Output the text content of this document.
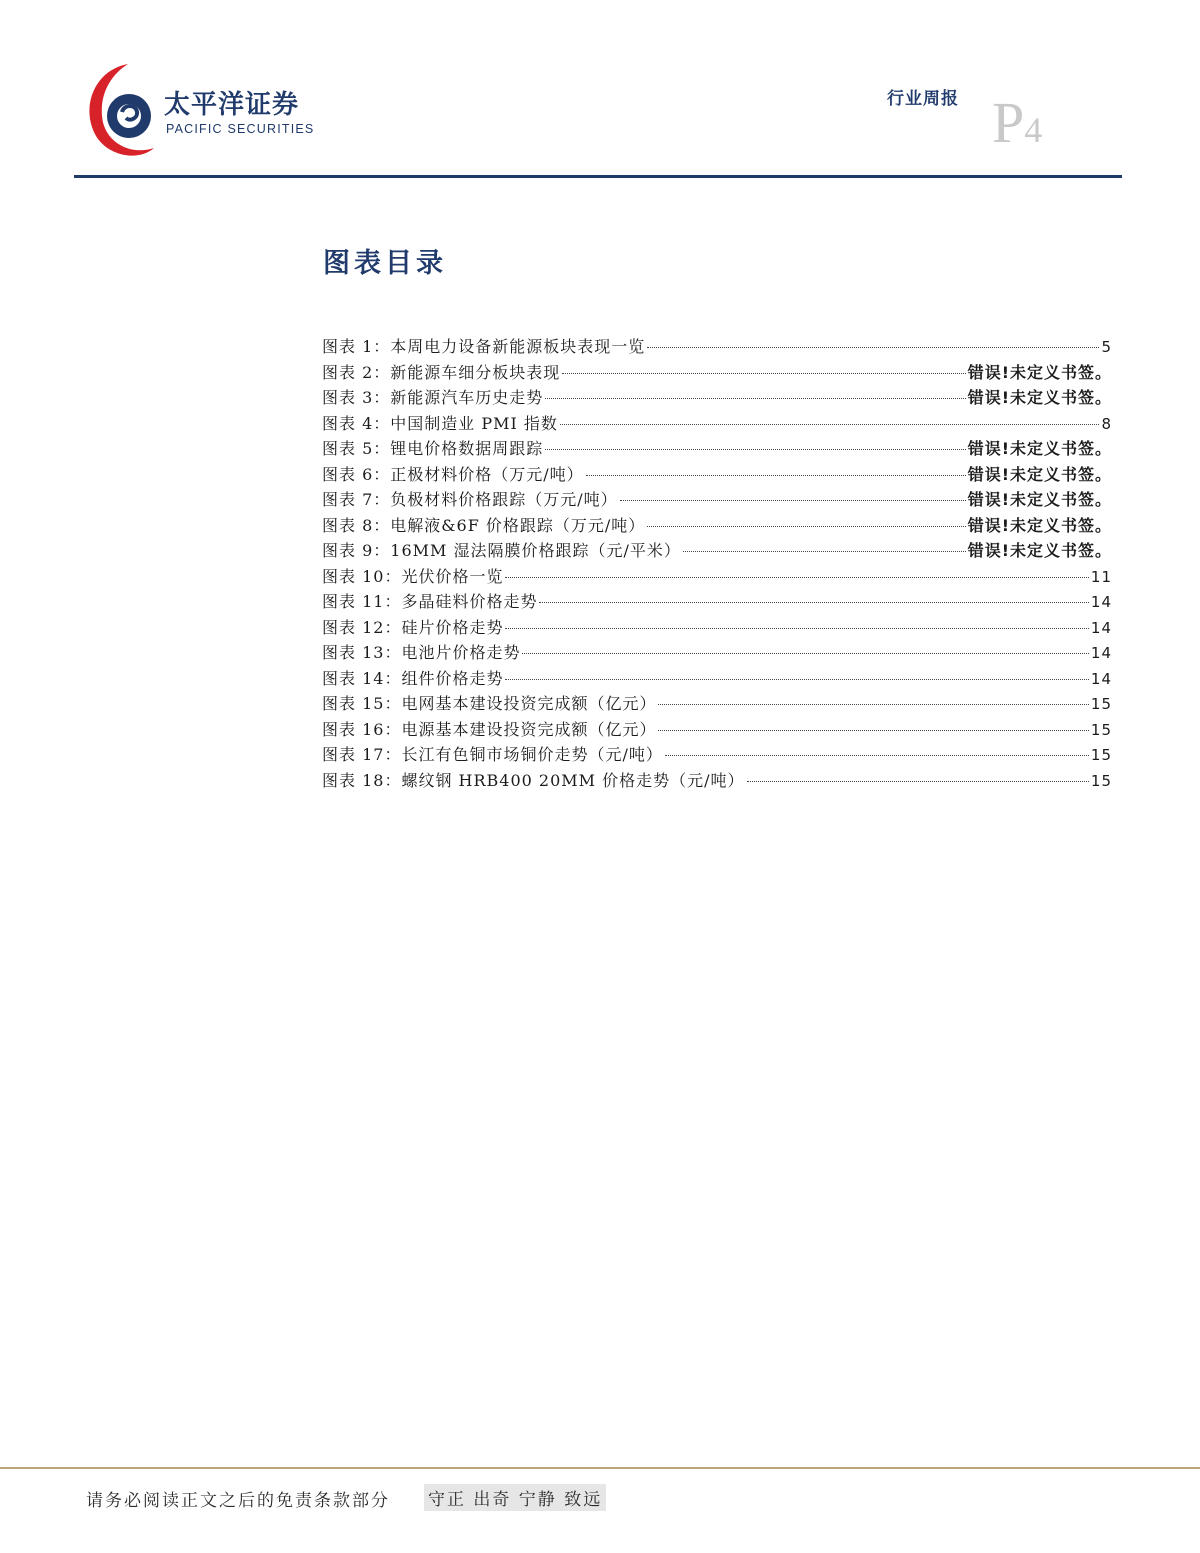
太平洋证券
PACIFIC SECURITIES
行业周报 P4
图表目录
图表 1：本周电力设备新能源板块表现一览	5
图表 2：新能源车细分板块表现	错误!未定义书签。
图表 3：新能源汽车历史走势	错误!未定义书签。
图表 4：中国制造业 PMI 指数	8
图表 5：锂电价格数据周跟踪	错误!未定义书签。
图表 6：正极材料价格（万元/吨）	错误!未定义书签。
图表 7：负极材料价格跟踪（万元/吨）	错误!未定义书签。
图表 8：电解液&6F 价格跟踪（万元/吨）	错误!未定义书签。
图表 9：16MM 湿法隔膜价格跟踪（元/平米）	错误!未定义书签。
图表 10：光伏价格一览	11
图表 11：多晶硅料价格走势	14
图表 12：硅片价格走势	14
图表 13：电池片价格走势	14
图表 14：组件价格走势	14
图表 15：电网基本建设投资完成额（亿元）	15
图表 16：电源基本建设投资完成额（亿元）	15
图表 17：长江有色铜市场铜价走势（元/吨）	15
图表 18：螺纹钢 HRB400 20MM 价格走势（元/吨）	15
请务必阅读正文之后的免责条款部分 守正 出奇 宁静 致远
